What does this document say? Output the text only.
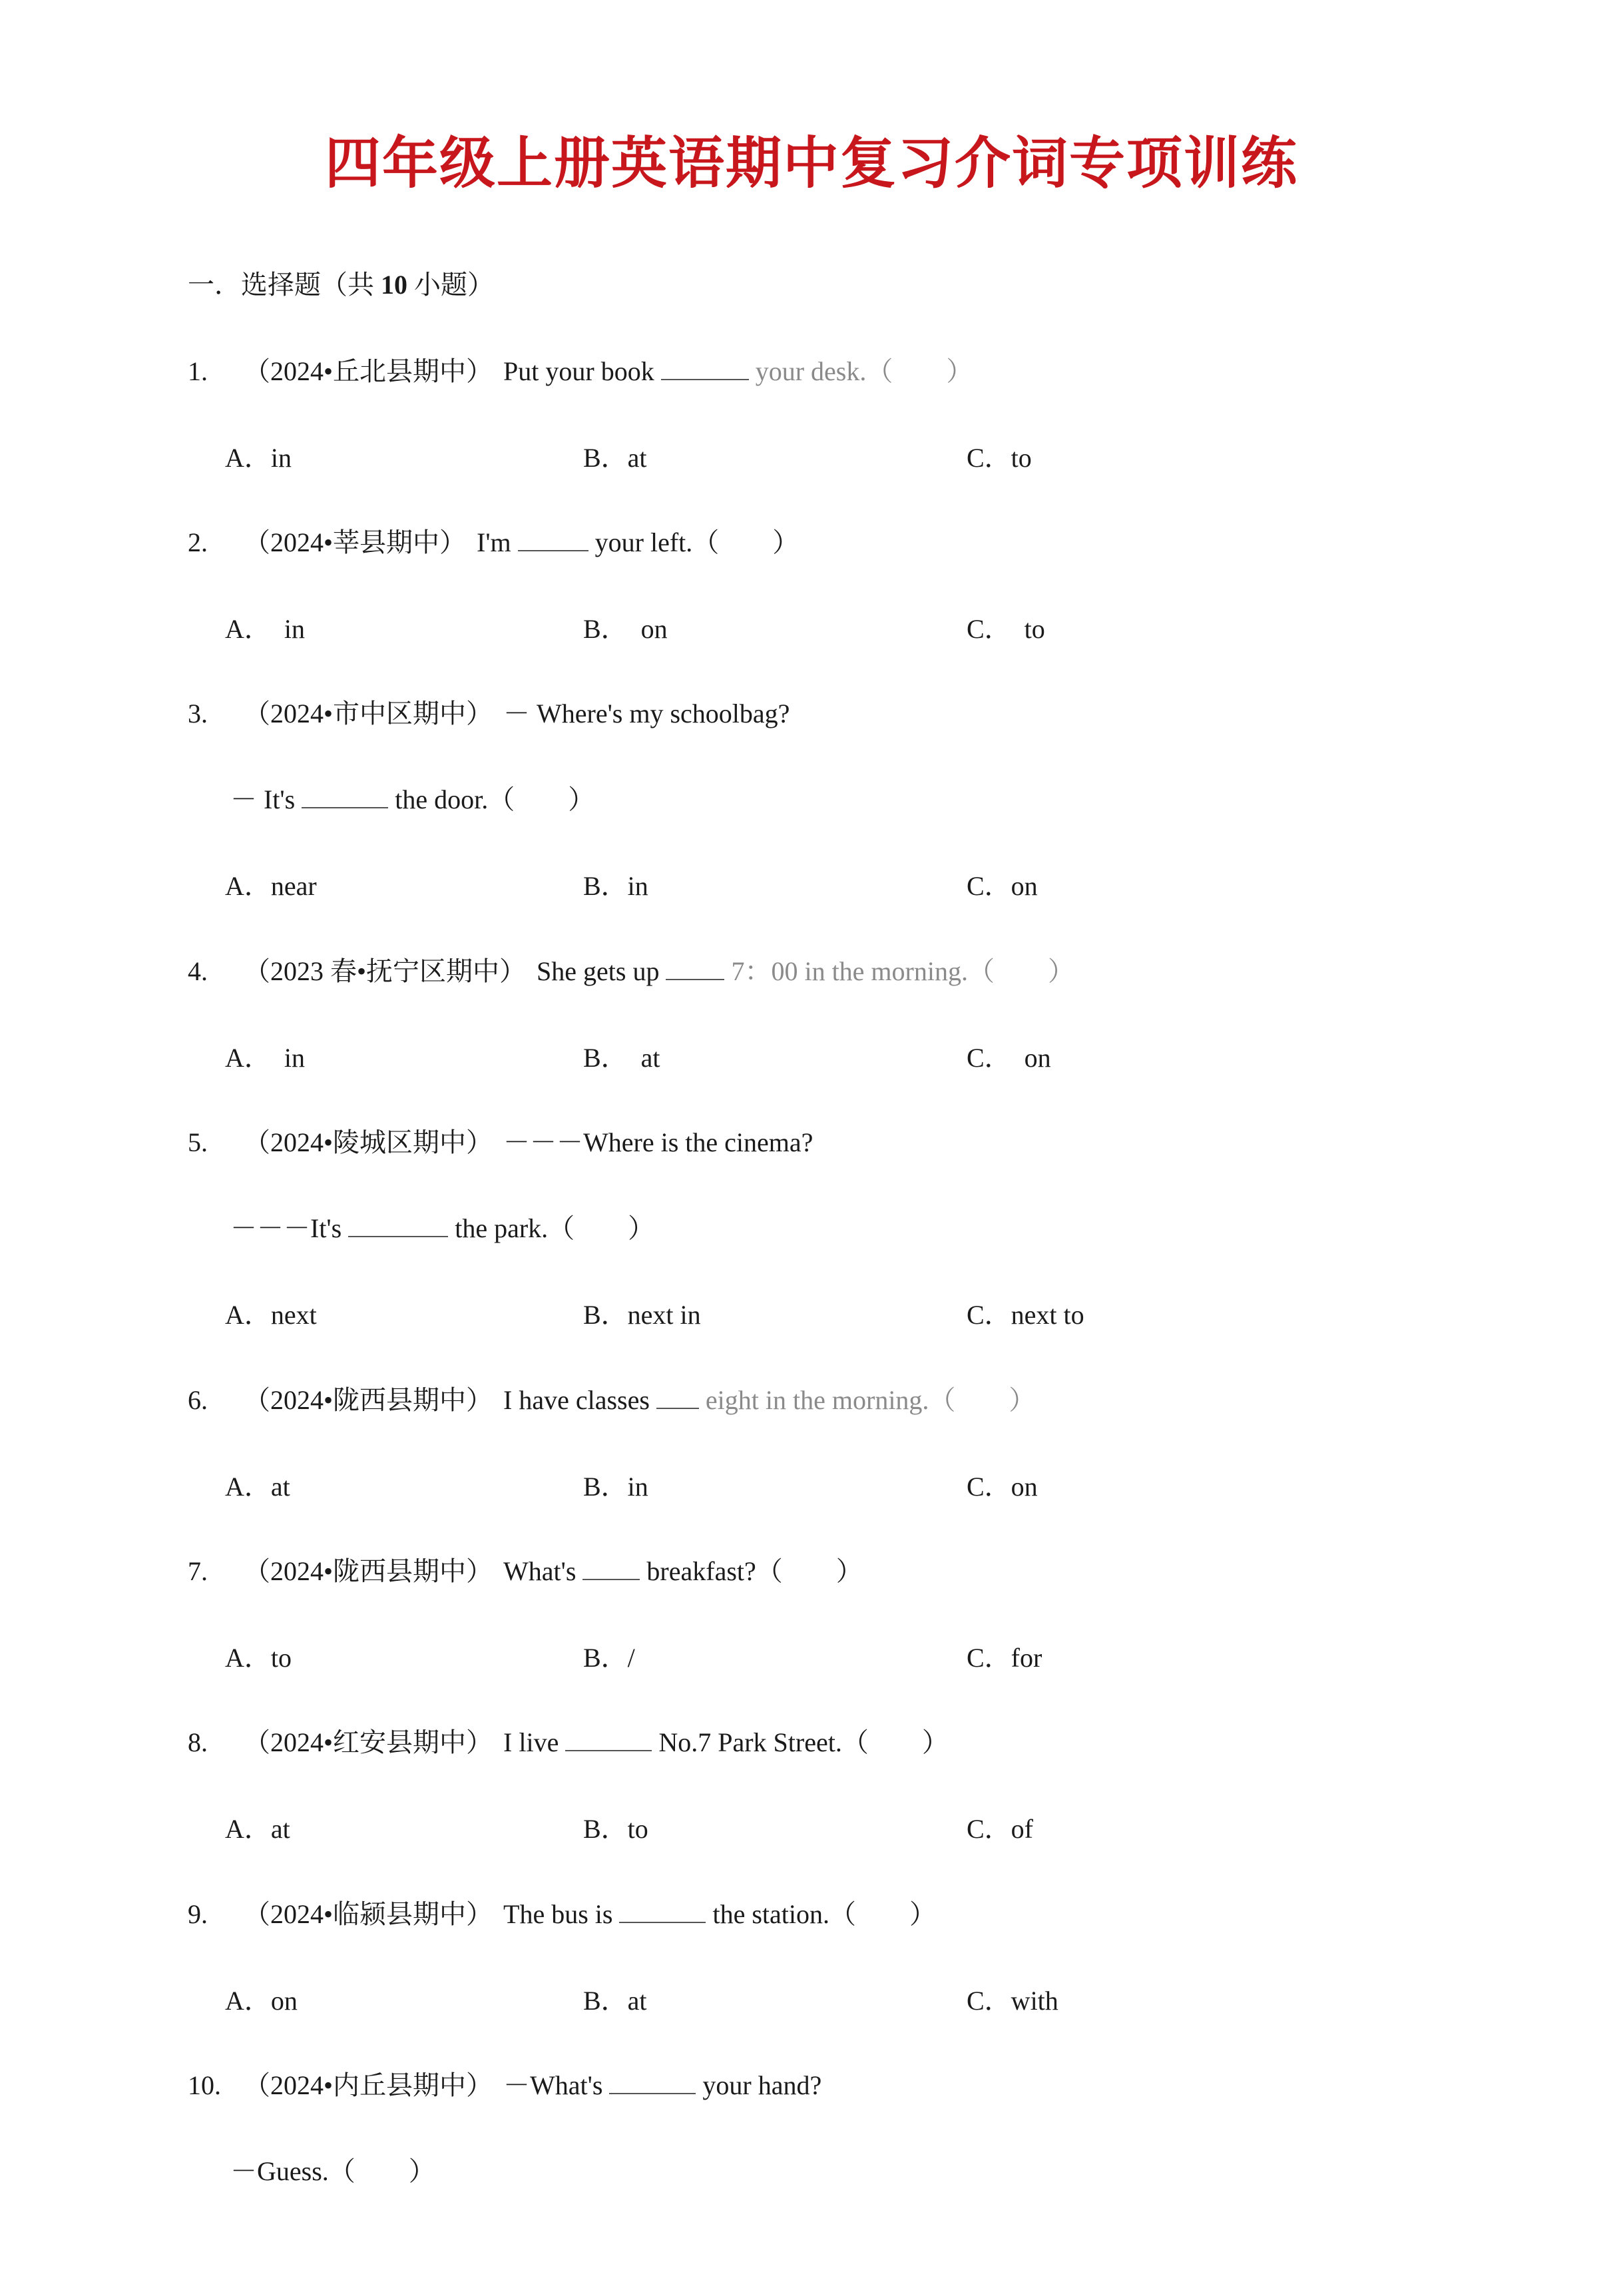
四年级上册英语期中复习介词专项训练
一．选择题（共 10 小题）
1. （2024•丘北县期中） Put your book	your desk.（　　）
A．in	B．at	C．to
2. （2024•莘县期中） I'm	your left.（　　）
A．　in	B．　on	C．　to
3. （2024•市中区期中） － Where's my schoolbag?
－ It's	the door.（　　）
A．near	B．in	C．on
4. （2023 春•抚宁区期中） She gets up  7：00 in the morning.（　　）
A．　in	B．　at	C．　on
5. （2024•陵城区期中） －－－Where is the cinema?
－－－It's	the park.（　　）
A．next	B．next in	C．next to
6. （2024•陇西县期中） I have classes eight in the morning.（　　）
A．at	B．in	C．on
7. （2024•陇西县期中） What's	breakfast?（　　）
A．to	B．/	C．for
8. （2024•红安县期中） I live	No.7 Park Street.（　　）
A．at	B．to	C．of
9. （2024•临颍县期中） The bus is	the station.（　　）
A．on	B．at	C．with
10. （2024•内丘县期中） －What's	your hand?
－Guess.（　　）
